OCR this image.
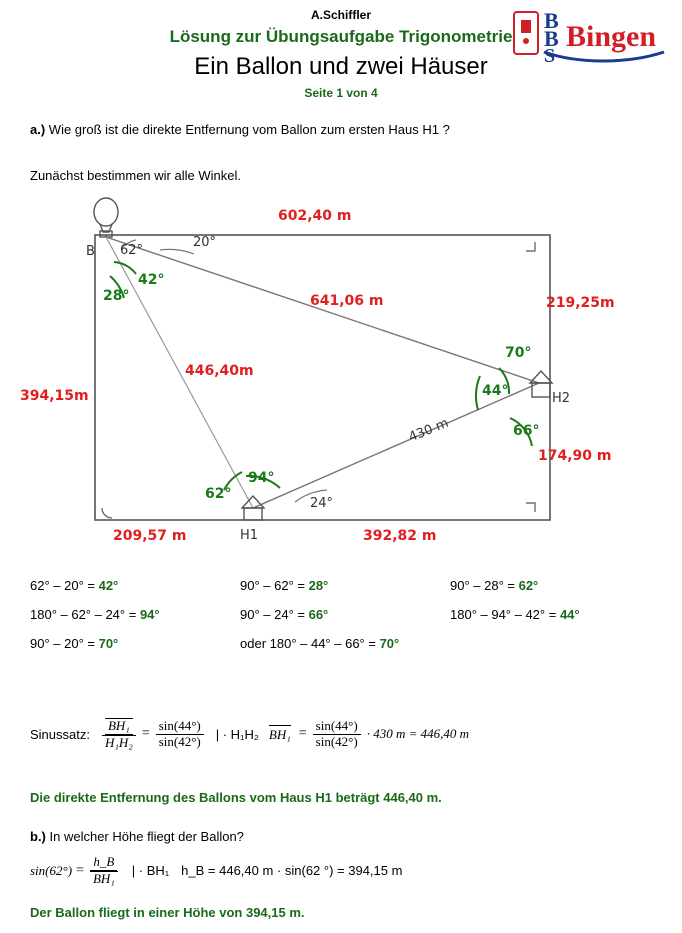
A.Schiffler
Lösung zur Übungsaufgabe Trigonometrie
Ein Ballon und zwei Häuser
Seite 1 von 4
B
B
S
Bingen
a.) Wie groß ist die direkte Entfernung vom Ballon zum ersten Haus H1 ?
Zunächst bestimmen wir alle Winkel.
602,40 m
641,06 m
446,40m
394,15m
219,25m
174,90 m
209,57 m	392,82 m
430 m
62°
20°
42°
28°
70°
44°
66°
62°
94°
24°
B
H1
H2
62° – 20° = 42°	90° – 62° = 28°	90° – 28° = 62°
180° – 62° – 24° = 94°	90° – 24° = 66°	180° – 94° – 42° = 44°
90° – 20° = 70°	oder 180° – 44° – 66° = 70°
Sinussatz: $\frac{\text{BH₁}}{\text{H₁H₂}} = \frac{\sin(44^\circ)}{\sin(42^\circ)}$ | · H₁H₂ $BH_1 = \frac{\sin(44^\circ)}{\sin(42^\circ)} \cdot 430$ m = 446,40 m
Die direkte Entfernung des Ballons vom Haus H1 beträgt 446,40 m.
b.) In welcher Höhe fliegt der Ballon?
$\sin(62^\circ) = \frac{h\_B}{\text{BH₁}}$ | · BH₁ h_B = 446,40 m · sin(62 °) = 394,15 m
Der Ballon fliegt in einer Höhe von 394,15 m.
